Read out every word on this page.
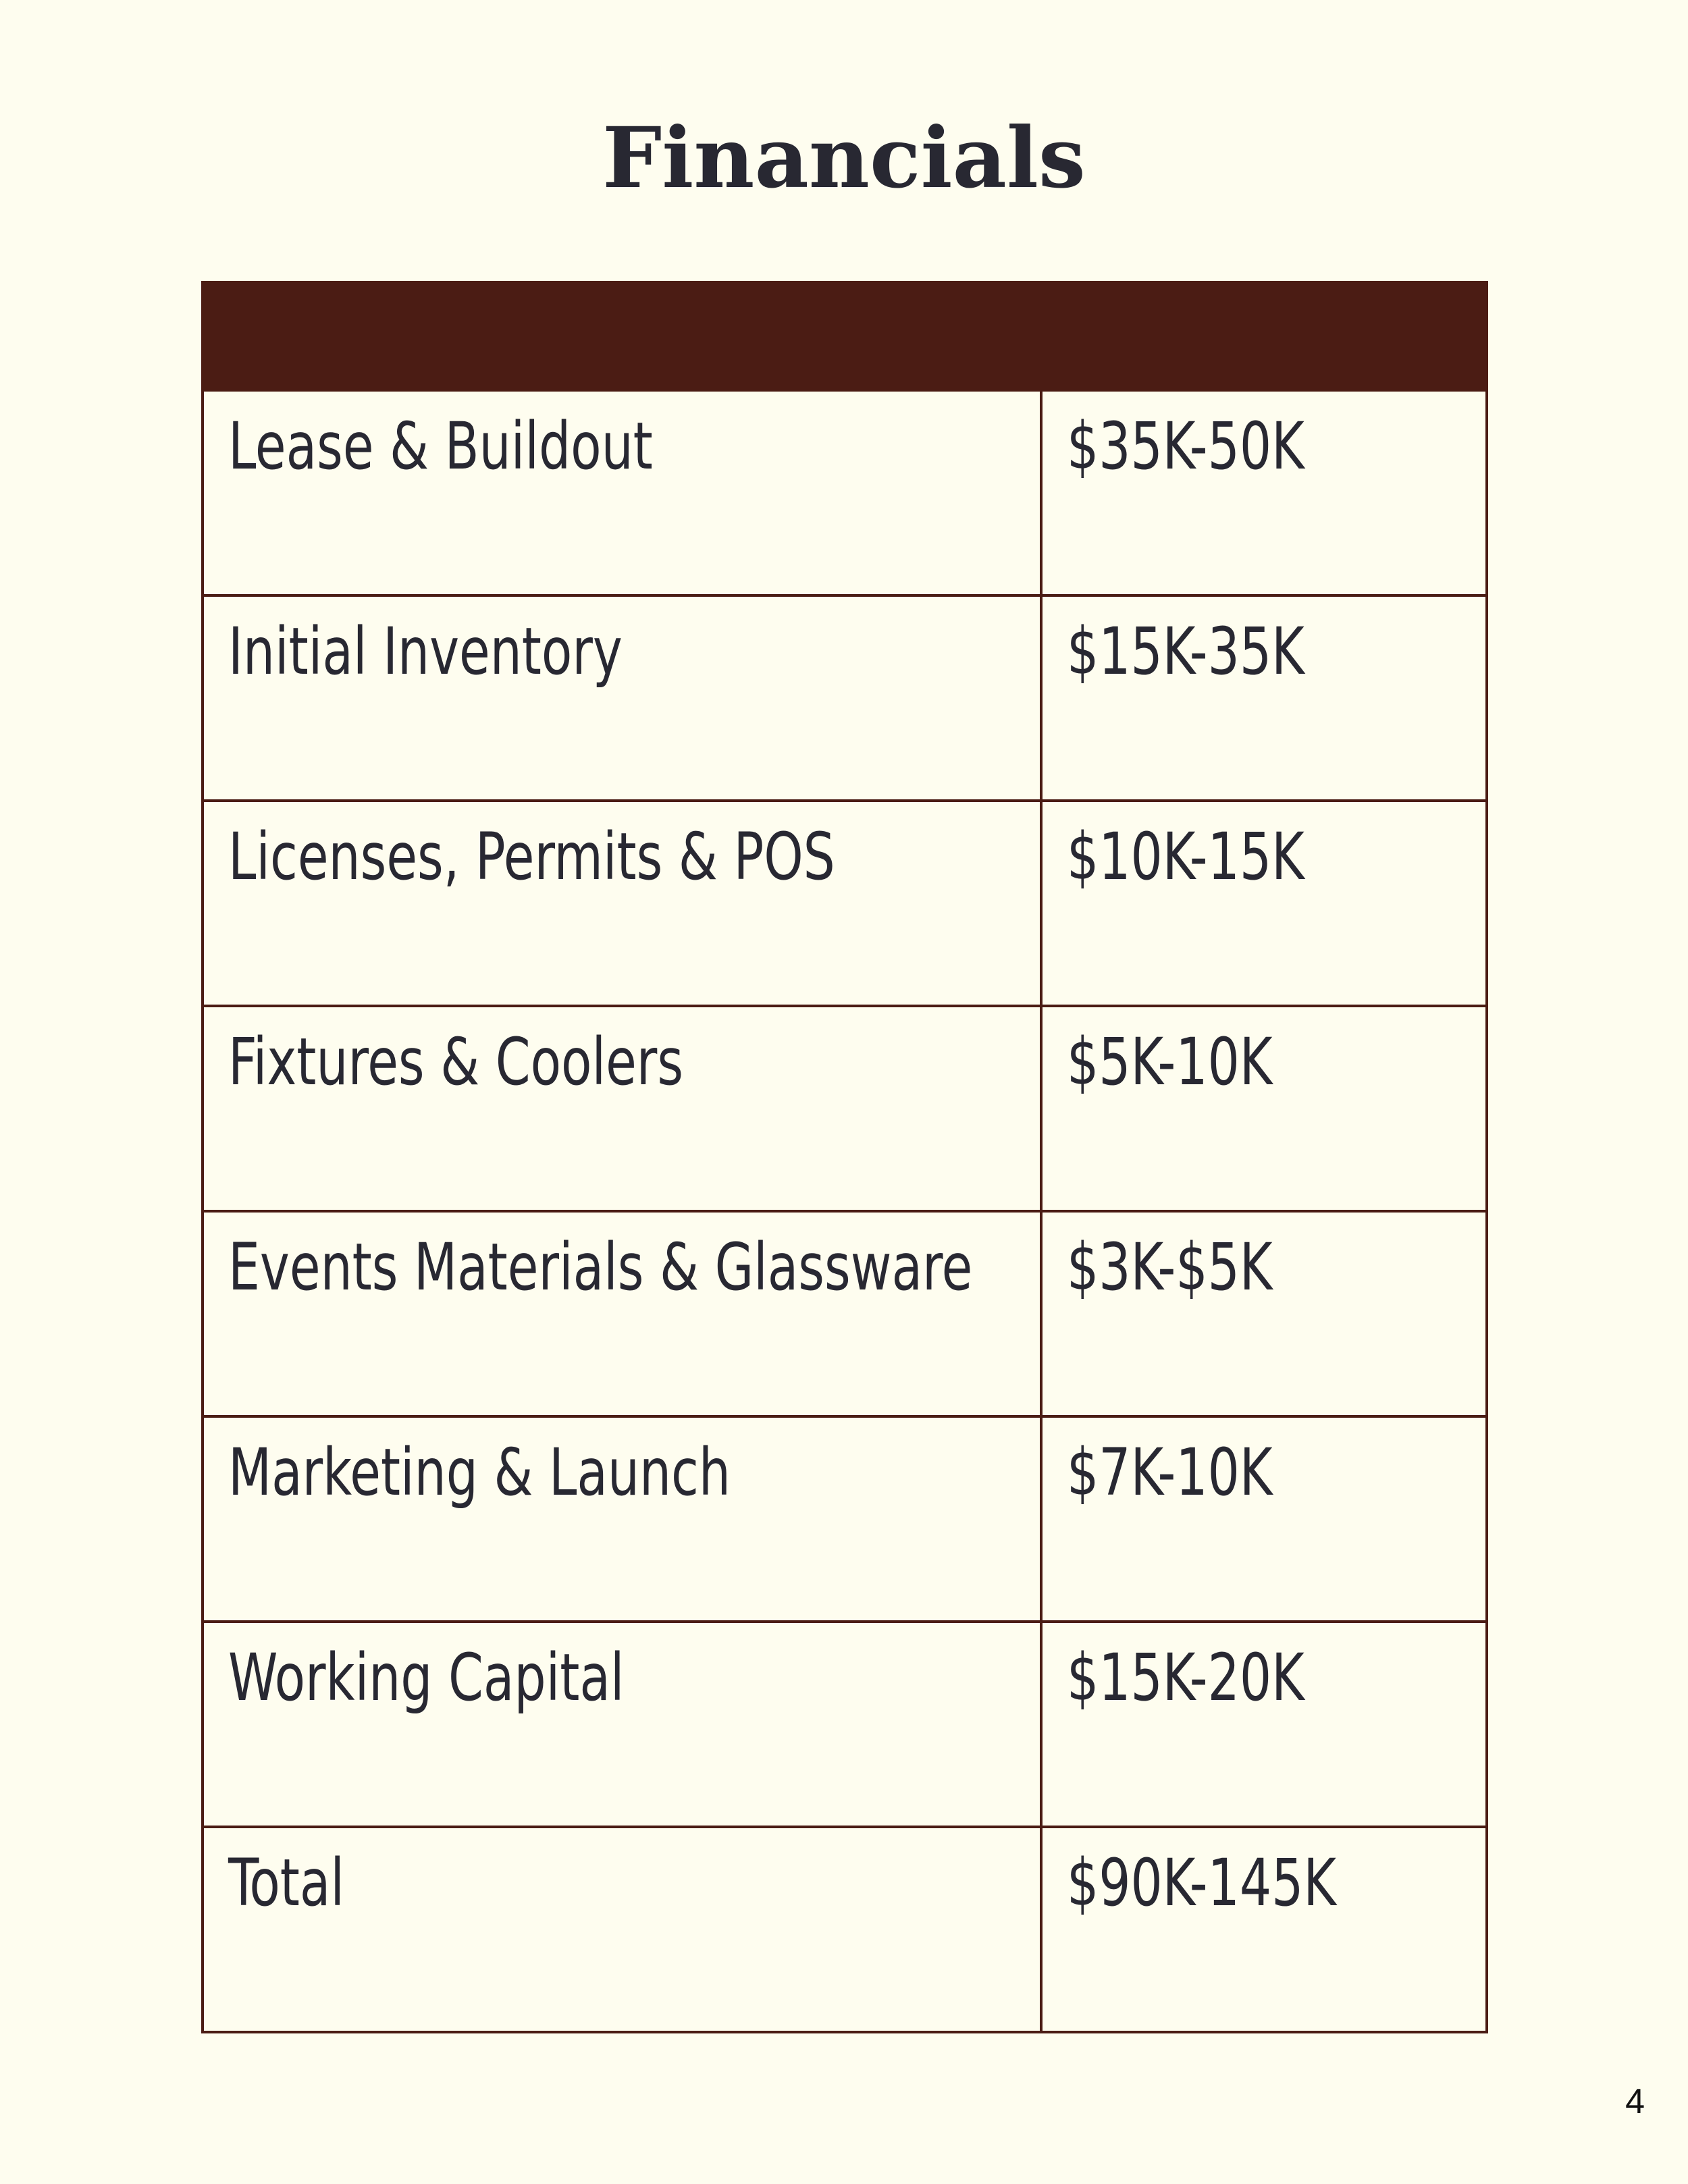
Financials

Lease & Buildout	$35K-50K
Initial Inventory	$15K-35K
Licenses, Permits & POS	$10K-15K
Fixtures & Coolers	$5K-10K
Events Materials & Glassware	$3K-$5K
Marketing & Launch	$7K-10K
Working Capital	$15K-20K
Total	$90K-145K
4
